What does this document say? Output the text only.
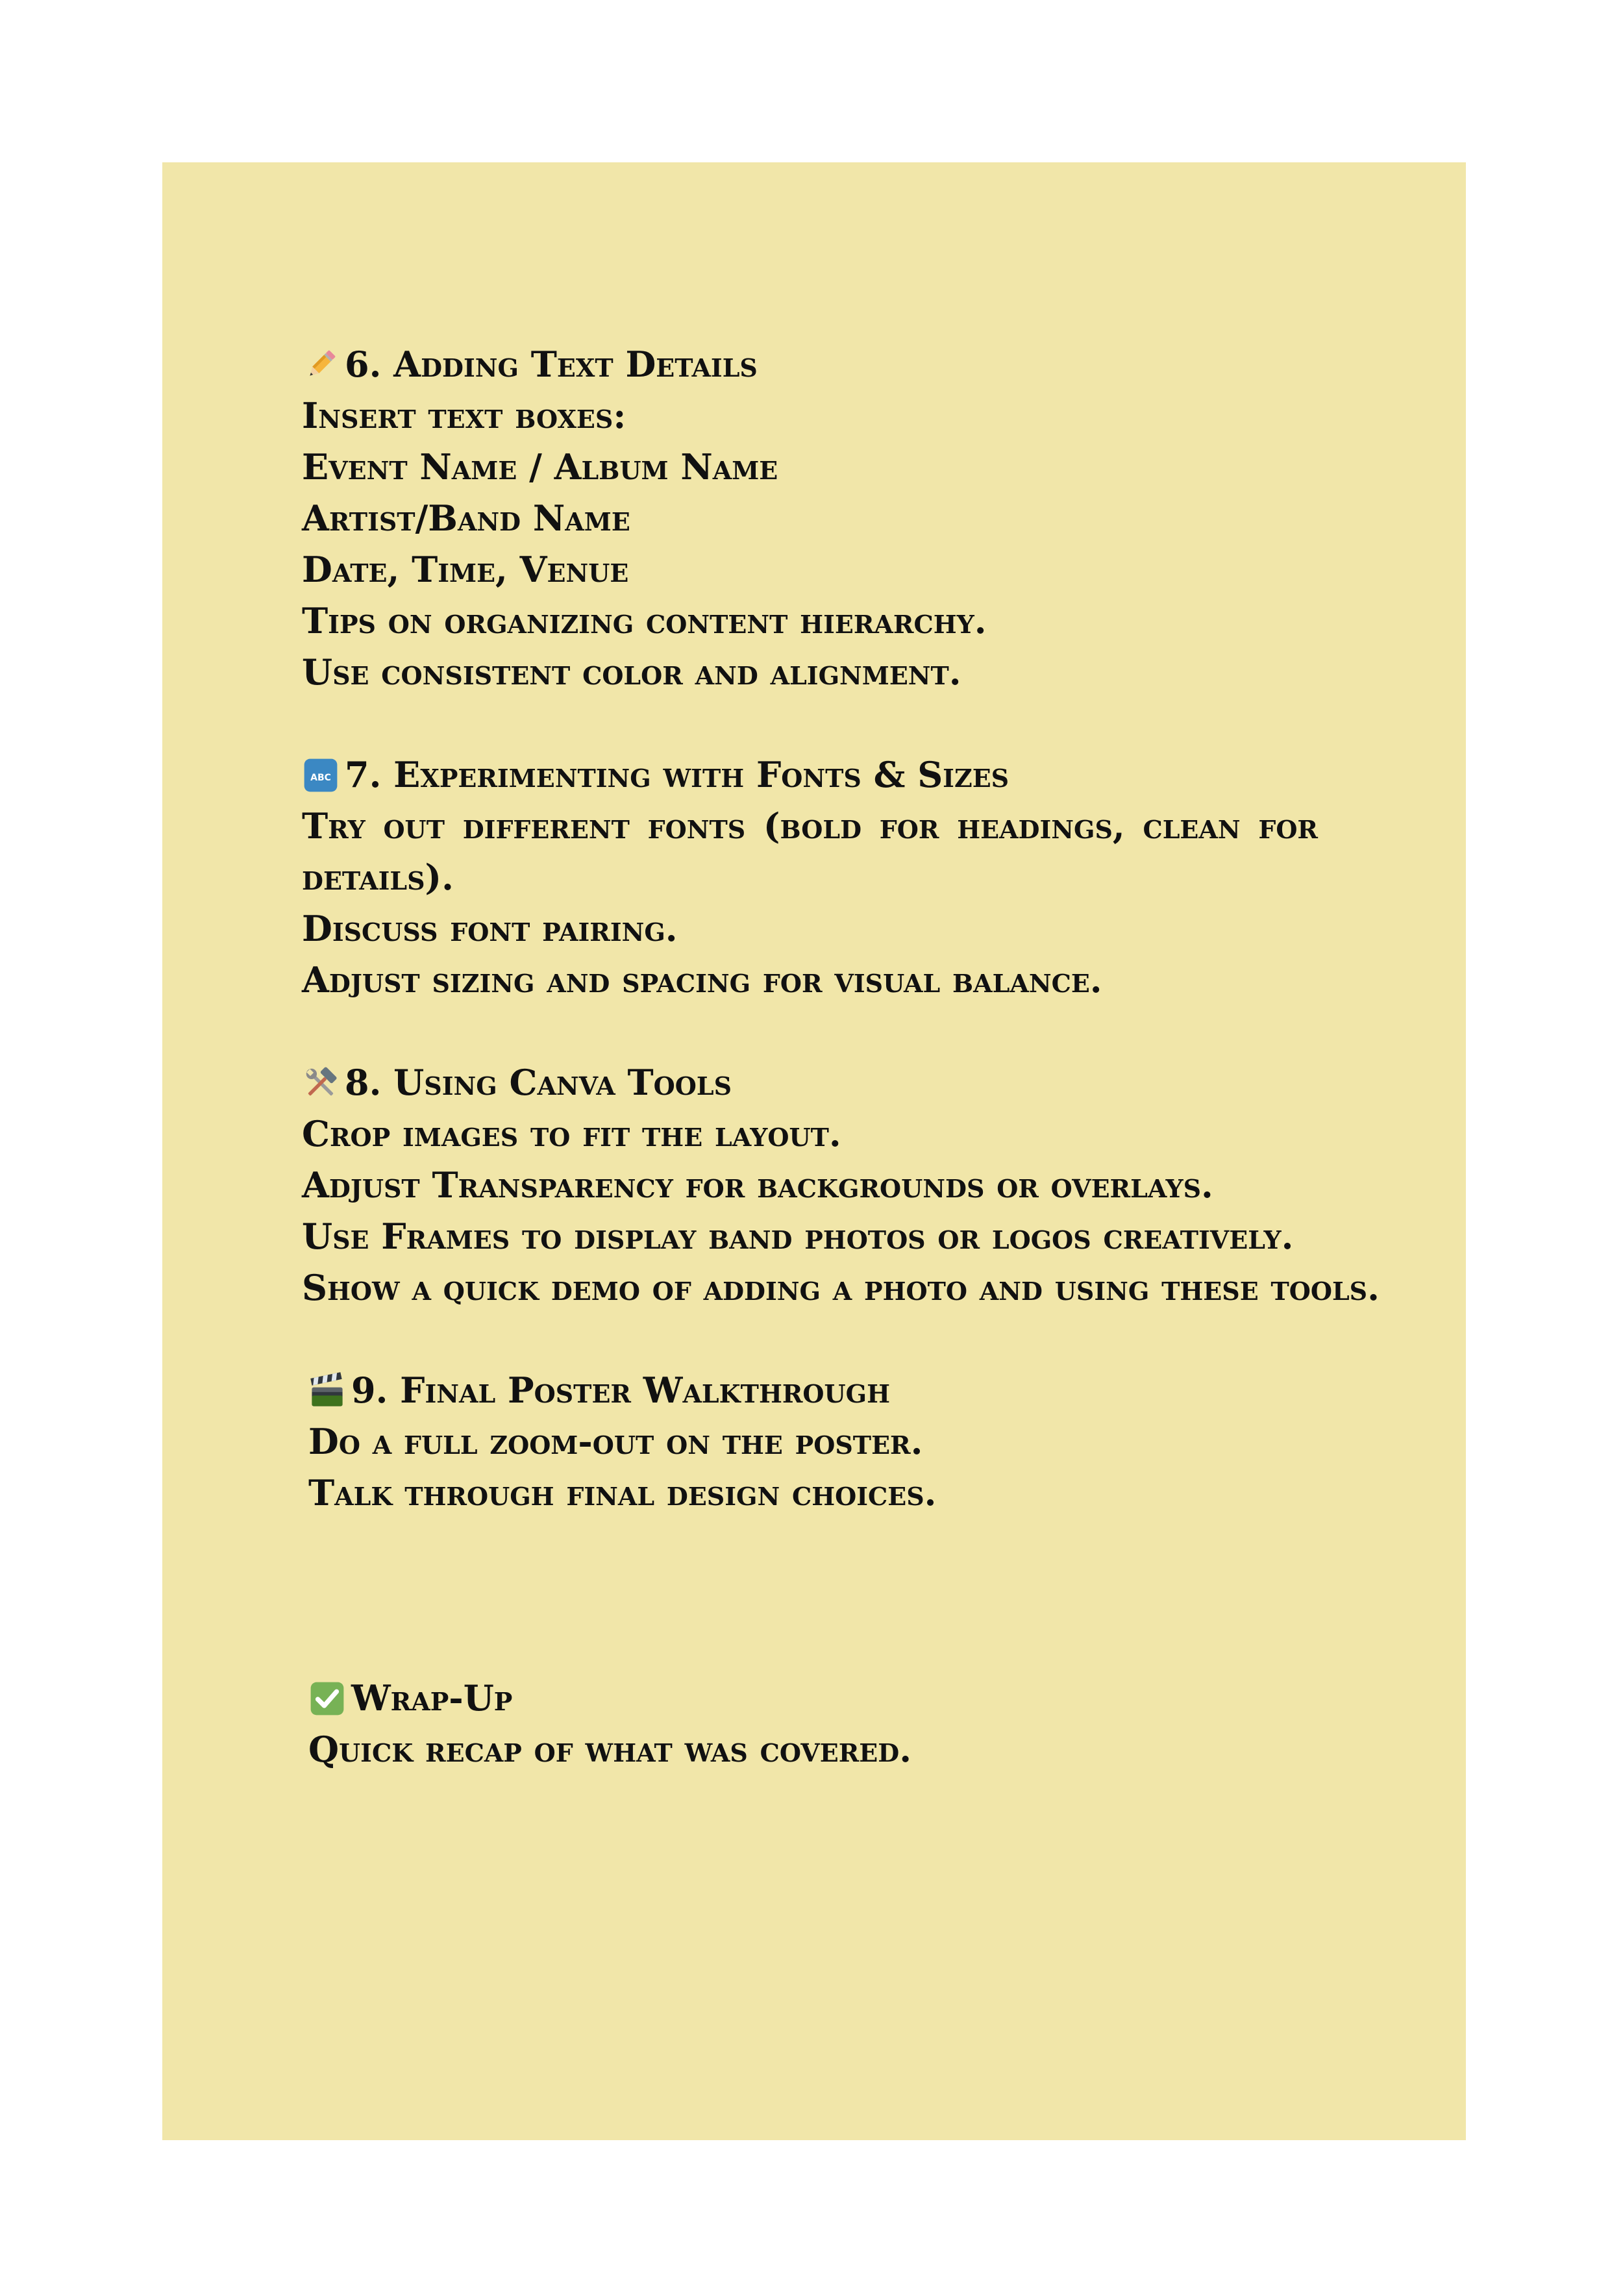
6. Adding Text Details
Insert text boxes:
Event Name / Album Name
Artist/Band Name
Date, Time, Venue
Tips on organizing content hierarchy.
Use consistent color and alignment.
abc 7. Experimenting with Fonts & Sizes
Try out different fonts (bold for headings, clean for
details).
Discuss font pairing.
Adjust sizing and spacing for visual balance.
8. Using Canva Tools
Crop images to fit the layout.
Adjust Transparency for backgrounds or overlays.
Use Frames to display band photos or logos creatively.
Show a quick demo of adding a photo and using these tools.
9. Final Poster Walkthrough
Do a full zoom-out on the poster.
Talk through final design choices.
Wrap-Up
Quick recap of what was covered.
